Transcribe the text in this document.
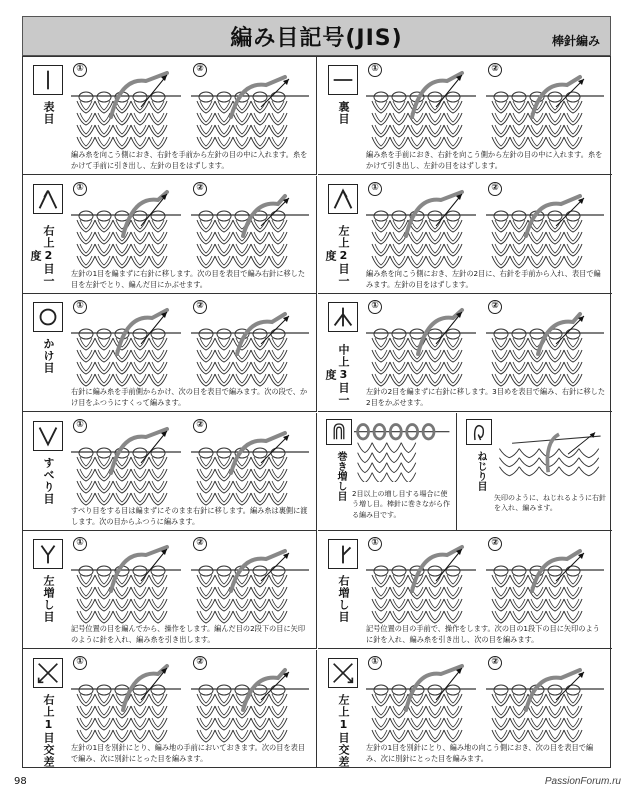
編み目記号(JIS)	棒針編み
表目
①	②
編み糸を向こう側におき、右針を手前から左針の目の中に入れます。糸をかけて手前に引き出し、左針の目をはずします。
裏目
①	②
編み糸を手前におき、右針を向こう側から左針の目の中に入れます。糸をかけて引き出し、左針の目をはずします。
右上2目一度
①	②
左針の1目を編まずに右針に移します。次の目を表目で編み右針に移した目を左針でとり、編んだ目にかぶせます。	左上2目一度
①	②
編み糸を向こう側におき、左針の2目に、右針を手前から入れ、表目で編みます。左針の目をはずします。
かけ目
①	②
右針に編み糸を手前側からかけ、次の目を表目で編みます。次の段で、かけ目をふつうにすくって編みます。	中上3目一度
①	②
左針の2目を編まずに右針に移します。3目めを表目で編み、右針に移した2目をかぶせます。
すべり目
①	②
すべり目をする目は編まずにそのまま右針に移します。編み糸は裏側に渡します。次の目からふつうに編みます。
左増し目
①	②
記号位置の目を編んでから、操作をします。編んだ目の2段下の目に矢印のように針を入れ、編み糸を引き出します。
右増し目
①	②
記号位置の目の手前で、操作をします。次の目の1段下の目に矢印のように針を入れ、編み糸を引き出し、次の目を編みます。
右上1目交差
①	②
左針の1目を別針にとり、編み地の手前においておきます。次の目を表目で編み、次に別針にとった目を編みます。	左上1目交差
①	②
左針の1目を別針にとり、編み地の向こう側におき、次の目を表目で編み、次に別針にとった目を編みます。
巻き増し目 2目以上の増し目する場合に使う増し目。棒針に巻きながら作る編み目です。
ねじり目
矢印のように、ねじれるように右針を入れ、編みます。
98	PassionForum.ru
